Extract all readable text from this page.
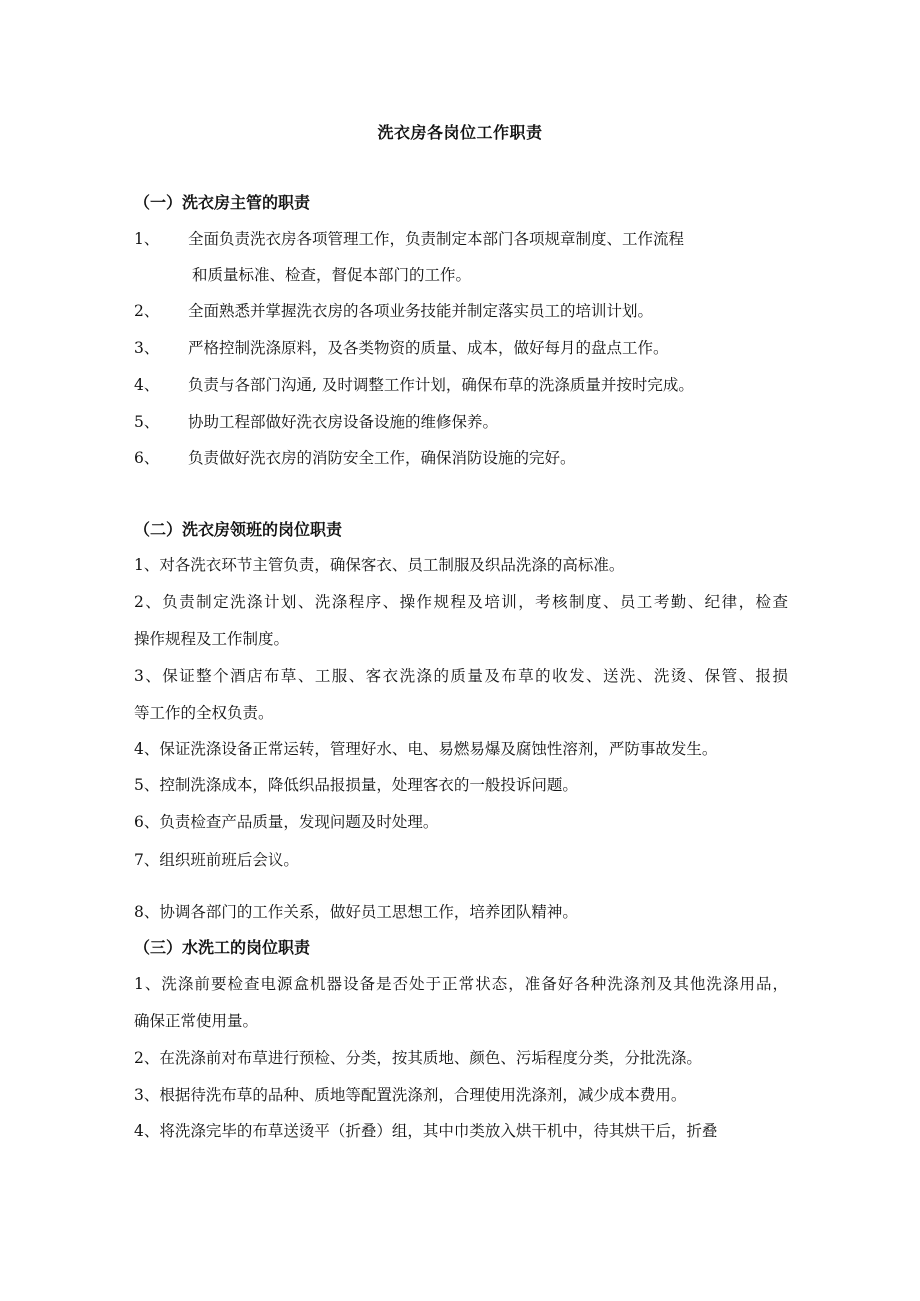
洗衣房各岗位工作职责
（一）洗衣房主管的职责
1、 全面负责洗衣房各项管理工作，负责制定本部门各项规章制度、工作流程
和质量标准、检查，督促本部门的工作。
2、 全面熟悉并掌握洗衣房的各项业务技能并制定落实员工的培训计划。
3、 严格控制洗涤原料，及各类物资的质量、成本，做好每月的盘点工作。
4、 负责与各部门沟通, 及时调整工作计划，确保布草的洗涤质量并按时完成。
5、 协助工程部做好洗衣房设备设施的维修保养。
6、 负责做好洗衣房的消防安全工作，确保消防设施的完好。
（二）洗衣房领班的岗位职责
1、对各洗衣环节主管负责，确保客衣、员工制服及织品洗涤的高标准。
2、负责制定洗涤计划、洗涤程序、操作规程及培训，考核制度、员工考勤、纪律，检查
操作规程及工作制度。
3、保证整个酒店布草、工服、客衣洗涤的质量及布草的收发、送洗、洗烫、保管、报损
等工作的全权负责。
4、保证洗涤设备正常运转，管理好水、电、易燃易爆及腐蚀性溶剂，严防事故发生。
5、控制洗涤成本，降低织品报损量，处理客衣的一般投诉问题。
6、负责检查产品质量，发现问题及时处理。
7、组织班前班后会议。
8、协调各部门的工作关系，做好员工思想工作，培养团队精神。
（三）水洗工的岗位职责
1、洗涤前要检查电源盒机器设备是否处于正常状态，准备好各种洗涤剂及其他洗涤用品，
确保正常使用量。
2、在洗涤前对布草进行预检、分类，按其质地、颜色、污垢程度分类，分批洗涤。
3、根据待洗布草的品种、质地等配置洗涤剂，合理使用洗涤剂，减少成本费用。
4、将洗涤完毕的布草送烫平（折叠）组，其中巾类放入烘干机中，待其烘干后，折叠
